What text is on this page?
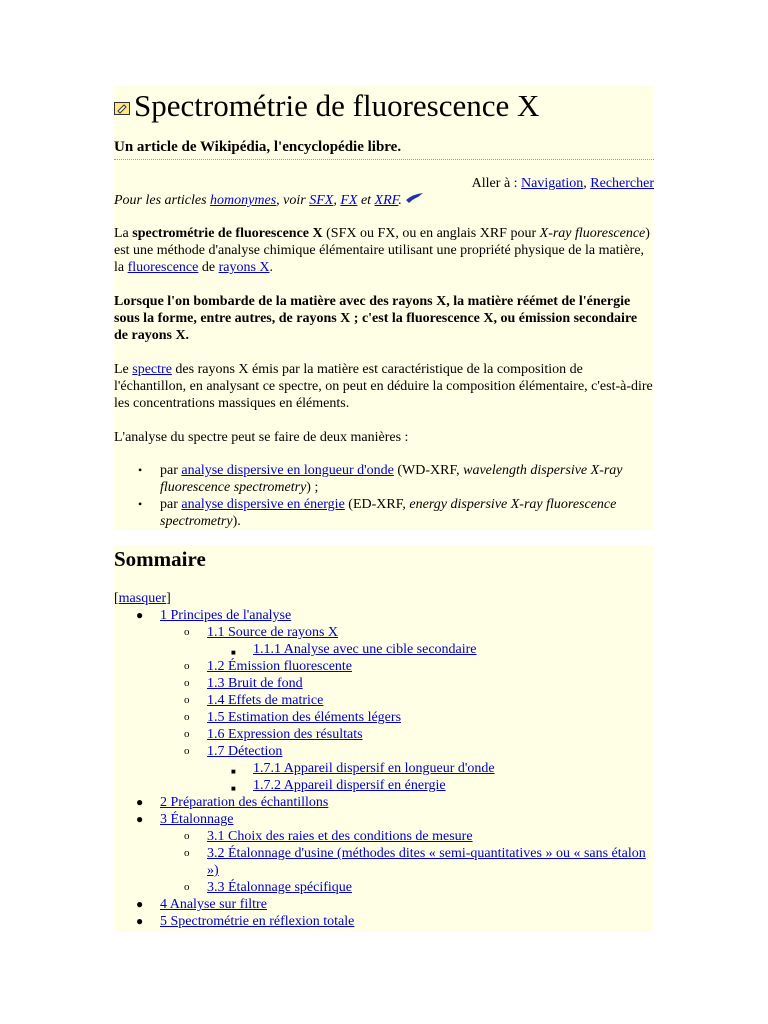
Spectrométrie de fluorescence X
Un article de Wikipédia, l'encyclopédie libre.
Aller à : Navigation, Rechercher
Pour les articles homonymes, voir SFX, FX et XRF.
La spectrométrie de fluorescence X (SFX ou FX, ou en anglais XRF pour X-ray fluorescence) est une méthode d'analyse chimique élémentaire utilisant une propriété physique de la matière, la fluorescence de rayons X.
Lorsque l'on bombarde de la matière avec des rayons X, la matière réémet de l'énergie sous la forme, entre autres, de rayons X ; c'est la fluorescence X, ou émission secondaire de rayons X.
Le spectre des rayons X émis par la matière est caractéristique de la composition de l'échantillon, en analysant ce spectre, on peut en déduire la composition élémentaire, c'est-à-dire les concentrations massiques en éléments.
L'analyse du spectre peut se faire de deux manières :
• par analyse dispersive en longueur d'onde (WD-XRF, wavelength dispersive X-ray fluorescence spectrometry) ;
• par analyse dispersive en énergie (ED-XRF, energy dispersive X-ray fluorescence spectrometry).
Sommaire
[masquer]
● 1 Principes de l'analyse
o 1.1 Source de rayons X
■ 1.1.1 Analyse avec une cible secondaire
o 1.2 Émission fluorescente
o 1.3 Bruit de fond
o 1.4 Effets de matrice
o 1.5 Estimation des éléments légers
o 1.6 Expression des résultats
o 1.7 Détection
■ 1.7.1 Appareil dispersif en longueur d'onde
■ 1.7.2 Appareil dispersif en énergie
● 2 Préparation des échantillons
● 3 Étalonnage
o 3.1 Choix des raies et des conditions de mesure
o 3.2 Étalonnage d'usine (méthodes dites « semi-quantitatives » ou « sans étalon »)
o 3.3 Étalonnage spécifique
● 4 Analyse sur filtre
● 5 Spectrométrie en réflexion totale
